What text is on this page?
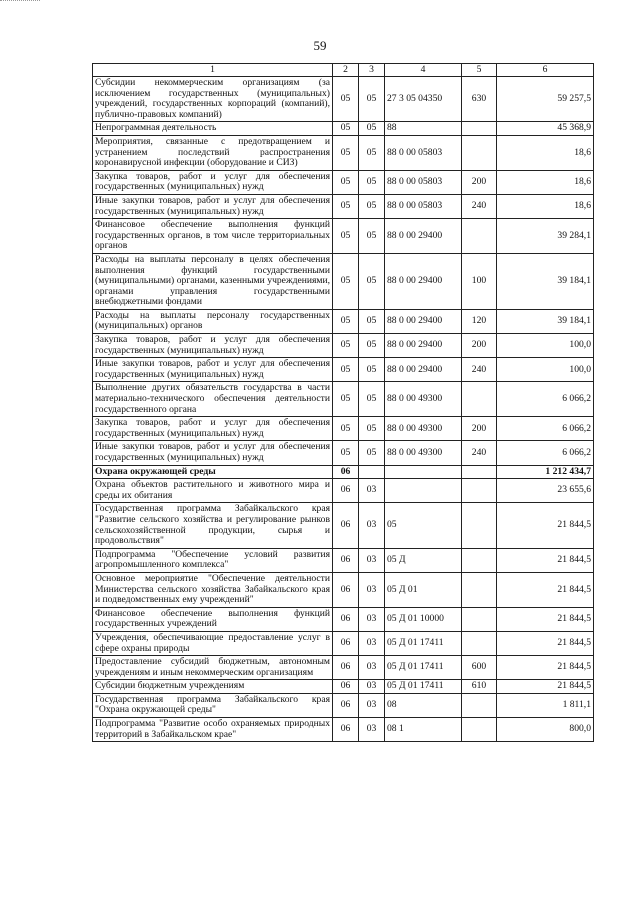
59
1	2	3	4	5	6
Субсидии некоммерческим организациям (за исключением государственных (муниципальных) учреждений, государственных корпораций (компаний), публично-правовых компаний)	05	05	27 3 05 04350	630	59 257,5
Непрограммная деятельность	05	05	88		45 368,9
Мероприятия, связанные с предотвращением и устранением последствий распространения коронавирусной инфекции (оборудование и СИЗ)	05	05	88 0 00 05803		18,6
Закупка товаров, работ и услуг для обеспечения государственных (муниципальных) нужд	05	05	88 0 00 05803	200	18,6
Иные закупки товаров, работ и услуг для обеспечения государственных (муниципальных) нужд	05	05	88 0 00 05803	240	18,6
Финансовое обеспечение выполнения функций государственных органов, в том числе территориальных органов	05	05	88 0 00 29400		39 284,1
Расходы на выплаты персоналу в целях обеспечения выполнения функций государственными (муниципальными) органами, казенными учреждениями, органами управления государственными внебюджетными фондами	05	05	88 0 00 29400	100	39 184,1
Расходы на выплаты персоналу государственных (муниципальных) органов	05	05	88 0 00 29400	120	39 184,1
Закупка товаров, работ и услуг для обеспечения государственных (муниципальных) нужд	05	05	88 0 00 29400	200	100,0
Иные закупки товаров, работ и услуг для обеспечения государственных (муниципальных) нужд	05	05	88 0 00 29400	240	100,0
Выполнение других обязательств государства в части материально-технического обеспечения деятельности государственного органа	05	05	88 0 00 49300		6 066,2
Закупка товаров, работ и услуг для обеспечения государственных (муниципальных) нужд	05	05	88 0 00 49300	200	6 066,2
Иные закупки товаров, работ и услуг для обеспечения государственных (муниципальных) нужд	05	05	88 0 00 49300	240	6 066,2
Охрана окружающей среды	06				1 212 434,7
Охрана объектов растительного и животного мира и среды их обитания	06	03			23 655,6
Государственная программа Забайкальского края "Развитие сельского хозяйства и регулирование рынков сельскохозяйственной продукции, сырья и продовольствия"	06	03	05		21 844,5
Подпрограмма "Обеспечение условий развития агропромышленного комплекса"	06	03	05 Д		21 844,5
Основное мероприятие "Обеспечение деятельности Министерства сельского хозяйства Забайкальского края и подведомственных ему учреждений"	06	03	05 Д 01		21 844,5
Финансовое обеспечение выполнения функций государственных учреждений	06	03	05 Д 01 10000		21 844,5
Учреждения, обеспечивающие предоставление услуг в сфере охраны природы	06	03	05 Д 01 17411		21 844,5
Предоставление субсидий бюджетным, автономным учреждениям и иным некоммерческим организациям	06	03	05 Д 01 17411	600	21 844,5
Субсидии бюджетным учреждениям	06	03	05 Д 01 17411	610	21 844,5
Государственная программа Забайкальского края "Охрана окружающей среды"	06	03	08		1 811,1
Подпрограмма "Развитие особо охраняемых природных территорий в Забайкальском крае"	06	03	08 1		800,0
